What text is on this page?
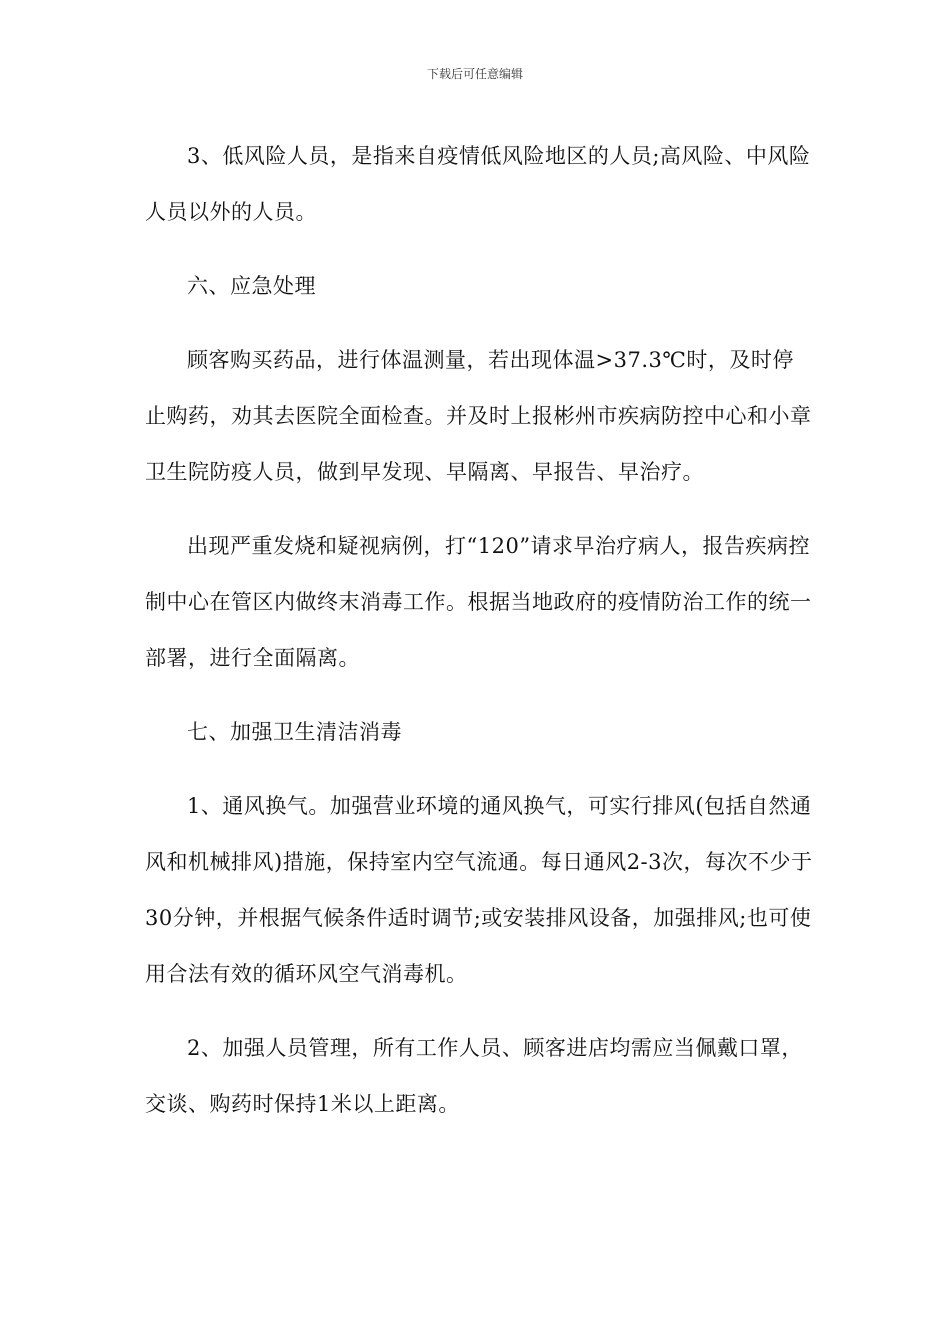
下载后可任意编辑

3、低风险人员，是指来自疫情低风险地区的人员;高风险、中风险人员以外的人员。

六、应急处理

顾客购买药品，进行体温测量，若出现体温>37.3℃时，及时停止购药，劝其去医院全面检查。并及时上报彬州市疾病防控中心和小章卫生院防疫人员，做到早发现、早隔离、早报告、早治疗。

出现严重发烧和疑视病例，打“120”请求早治疗病人，报告疾病控制中心在管区内做终末消毒工作。根据当地政府的疫情防治工作的统一部署，进行全面隔离。

七、加强卫生清洁消毒

1、通风换气。加强营业环境的通风换气，可实行排风(包括自然通风和机械排风)措施，保持室内空气流通。每日通风2-3次，每次不少于30分钟，并根据气候条件适时调节;或安装排风设备，加强排风;也可使用合法有效的循环风空气消毒机。

2、加强人员管理，所有工作人员、顾客进店均需应当佩戴口罩，交谈、购药时保持1米以上距离。
